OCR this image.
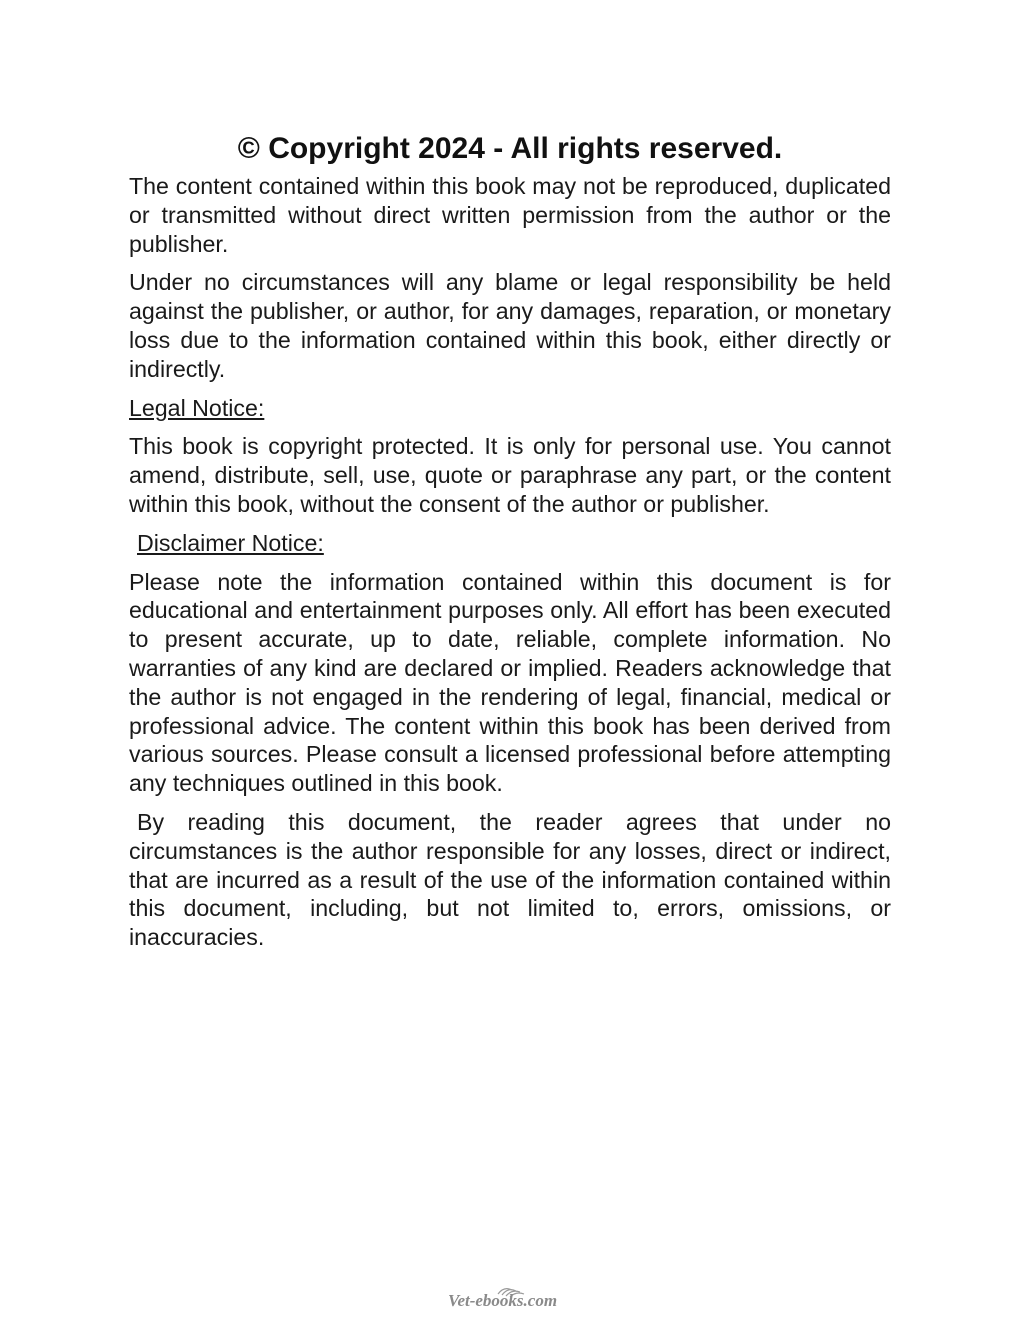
© Copyright 2024 - All rights reserved.

The content contained within this book may not be reproduced, duplicated or transmitted without direct written permission from the author or the publisher.

Under no circumstances will any blame or legal responsibility be held against the publisher, or author, for any damages, reparation, or monetary loss due to the information contained within this book, either directly or indirectly.

Legal Notice:

This book is copyright protected. It is only for personal use. You cannot amend, distribute, sell, use, quote or paraphrase any part, or the content within this book, without the consent of the author or publisher.

Disclaimer Notice:

Please note the information contained within this document is for educational and entertainment purposes only. All effort has been executed to present accurate, up to date, reliable, complete information. No warranties of any kind are declared or implied. Readers acknowledge that the author is not engaged in the rendering of legal, financial, medical or professional advice. The content within this book has been derived from various sources. Please consult a licensed professional before attempting any techniques outlined in this book.

By reading this document, the reader agrees that under no circumstances is the author responsible for any losses, direct or indirect, that are incurred as a result of the use of the information contained within this document, including, but not limited to, errors, omissions, or inaccuracies.

Vet-ebooks.com
